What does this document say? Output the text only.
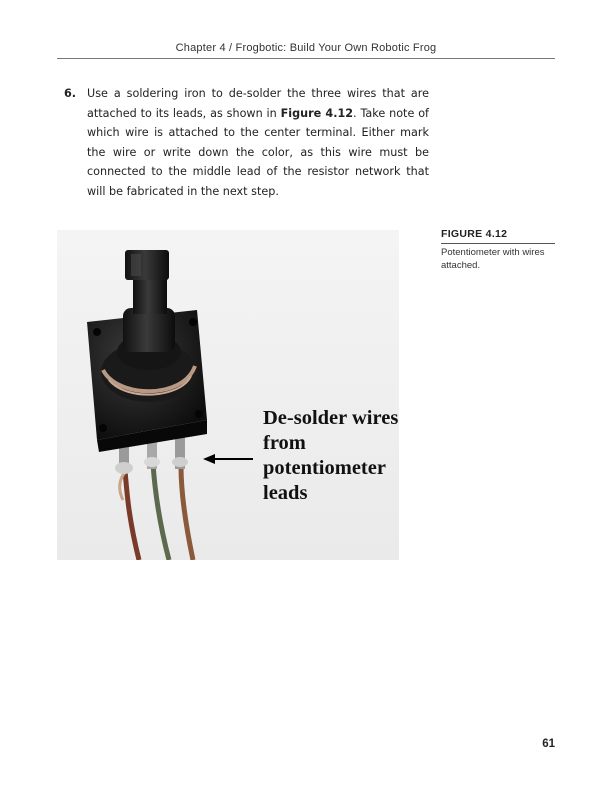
Chapter 4 / Frogbotic: Build Your Own Robotic Frog
6. Use a soldering iron to de-solder the three wires that are attached to its leads, as shown in Figure 4.12. Take note of which wire is attached to the center terminal. Either mark the wire or write down the color, as this wire must be connected to the middle lead of the resistor network that will be fabricated in the next step.
De-solder wires from potentiometer leads
FIGURE 4.12
Potentiometer with wires attached.
61
